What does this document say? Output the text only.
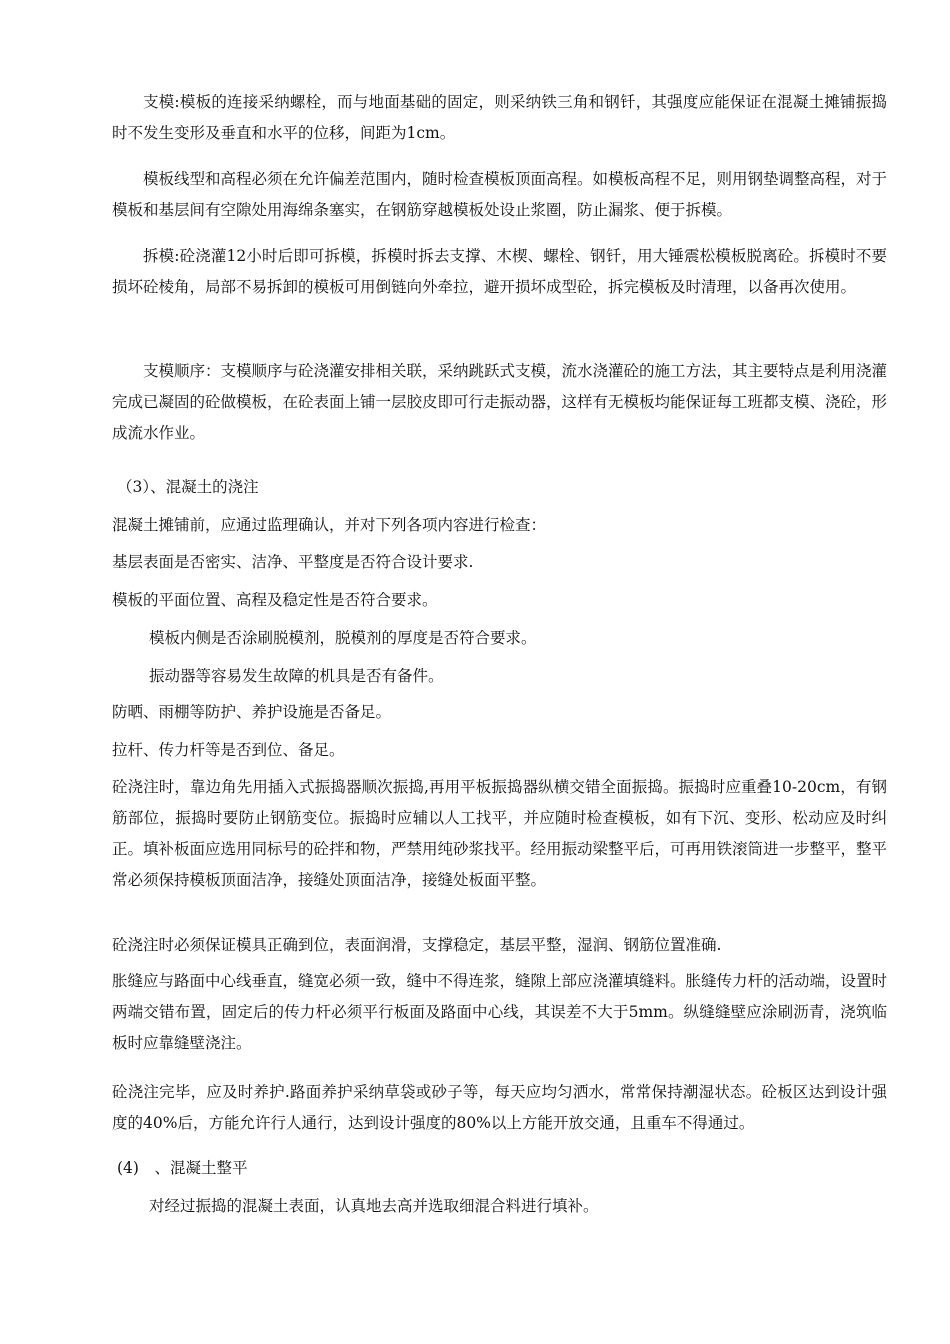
支模:模板的连接采纳螺栓，而与地面基础的固定，则采纳铁三角和钢钎，其强度应能保证在混凝土摊铺振捣时不发生变形及垂直和水平的位移，间距为1cm。

模板线型和高程必须在允许偏差范围内，随时检查模板顶面高程。如模板高程不足，则用钢垫调整高程，对于模板和基层间有空隙处用海绵条塞实，在钢筋穿越模板处设止浆圈，防止漏浆、便于拆模。

拆模:砼浇灌12小时后即可拆模，拆模时拆去支撑、木楔、螺栓、钢钎，用大锤震松模板脱离砼。拆模时不要损坏砼棱角，局部不易拆卸的模板可用倒链向外牵拉，避开损坏成型砼，拆完模板及时清理，以备再次使用。

支模顺序：支模顺序与砼浇灌安排相关联，采纳跳跃式支模，流水浇灌砼的施工方法，其主要特点是利用浇灌完成已凝固的砼做模板，在砼表面上铺一层胶皮即可行走振动器，这样有无模板均能保证每工班都支模、浇砼，形成流水作业。

（3）、混凝土的浇注

混凝土摊铺前，应通过监理确认，并对下列各项内容进行检查：

基层表面是否密实、洁净、平整度是否符合设计要求.

模板的平面位置、高程及稳定性是否符合要求。

模板内侧是否涂刷脱模剂，脱模剂的厚度是否符合要求。

振动器等容易发生故障的机具是否有备件。

防晒、雨棚等防护、养护设施是否备足。

拉杆、传力杆等是否到位、备足。

砼浇注时，靠边角先用插入式振捣器顺次振捣,再用平板振捣器纵横交错全面振捣。振捣时应重叠10-20cm，有钢筋部位，振捣时要防止钢筋变位。振捣时应辅以人工找平，并应随时检查模板，如有下沉、变形、松动应及时纠正。填补板面应选用同标号的砼拌和物，严禁用纯砂浆找平。经用振动梁整平后，可再用铁滚筒进一步整平，整平常必须保持模板顶面洁净，接缝处顶面洁净，接缝处板面平整。

砼浇注时必须保证模具正确到位，表面润滑，支撑稳定，基层平整，湿润、钢筋位置准确.

胀缝应与路面中心线垂直，缝宽必须一致，缝中不得连浆，缝隙上部应浇灌填缝料。胀缝传力杆的活动端，设置时两端交错布置，固定后的传力杆必须平行板面及路面中心线，其误差不大于5mm。纵缝缝壁应涂刷沥青，浇筑临板时应靠缝壁浇注。

砼浇注完毕，应及时养护.路面养护采纳草袋或砂子等，每天应均匀洒水，常常保持潮湿状态。砼板区达到设计强度的40%后，方能允许行人通行，达到设计强度的80%以上方能开放交通，且重车不得通过。

(4)　、混凝土整平

对经过振捣的混凝土表面，认真地去高并选取细混合料进行填补。
